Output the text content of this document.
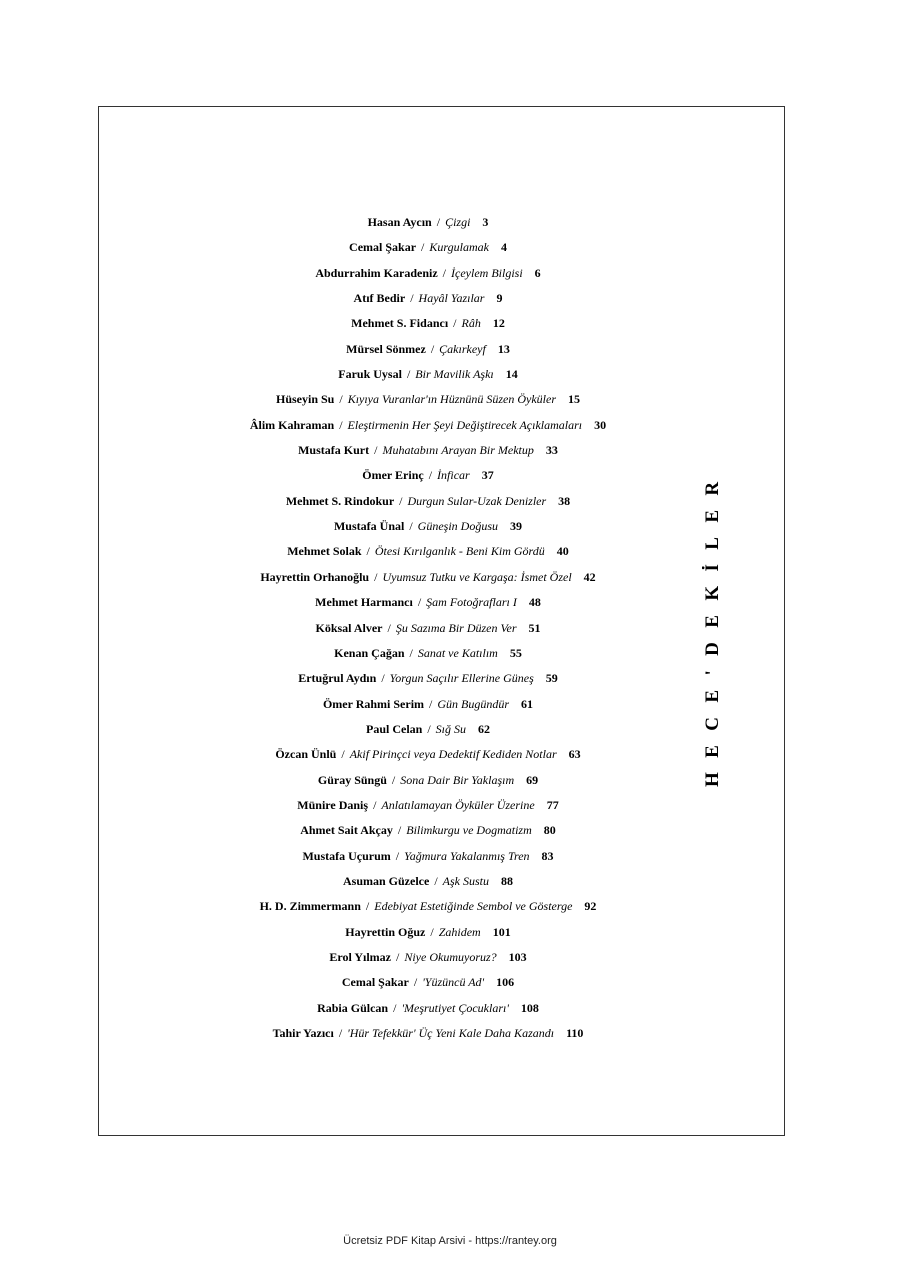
Hasan Aycın / Çizgi 3
Cemal Şakar / Kurgulamak 4
Abdurrahim Karadeniz / İçeylem Bilgisi 6
Atıf Bedir / Hayâl Yazılar 9
Mehmet S. Fidancı / Râh 12
Mürsel Sönmez / Çakırkeyf 13
Faruk Uysal / Bir Mavilik Aşkı 14
Hüseyin Su / Kıyıya Vuranlar'ın Hüznünü Süzen Öyküler 15
Âlim Kahraman / Eleştirmenin Her Şeyi Değiştirecek Açıklamaları 30
Mustafa Kurt / Muhatabını Arayan Bir Mektup 33
Ömer Erinç / İnficar 37
Mehmet S. Rindokur / Durgun Sular-Uzak Denizler 38
Mustafa Ünal / Güneşin Doğusu 39
Mehmet Solak / Ötesi Kırılganlık - Beni Kim Gördü 40
Hayrettin Orhanoğlu / Uyumsuz Tutku ve Kargaşa: İsmet Özel 42
Mehmet Harmancı / Şam Fotoğrafları I 48
Köksal Alver / Şu Sazıma Bir Düzen Ver 51
Kenan Çağan / Sanat ve Katılım 55
Ertuğrul Aydın / Yorgun Saçılır Ellerine Güneş 59
Ömer Rahmi Serim / Gün Bugündür 61
Paul Celan / Sığ Su 62
Özcan Ünlü / Akif Pirinçci veya Dedektif Kediden Notlar 63
Güray Süngü / Sona Dair Bir Yaklaşım 69
Münire Daniş / Anlatılamayan Öyküler Üzerine 77
Ahmet Sait Akçay / Bilimkurgu ve Dogmatizm 80
Mustafa Uçurum / Yağmura Yakalanmış Tren 83
Asuman Güzelce / Aşk Sustu 88
H. D. Zimmermann / Edebiyat Estetiğinde Sembol ve Gösterge 92
Hayrettin Oğuz / Zahidem 101
Erol Yılmaz / Niye Okumuyoruz? 103
Cemal Şakar / 'Yüzüncü Ad' 106
Rabia Gülcan / 'Meşrutiyet Çocukları' 108
Tahir Yazıcı / 'Hür Tefekkür' Üç Yeni Kale Daha Kazandı 110
HECE'DEKİLER
Ücretsiz PDF Kitap Arsivi - https://rantey.org
